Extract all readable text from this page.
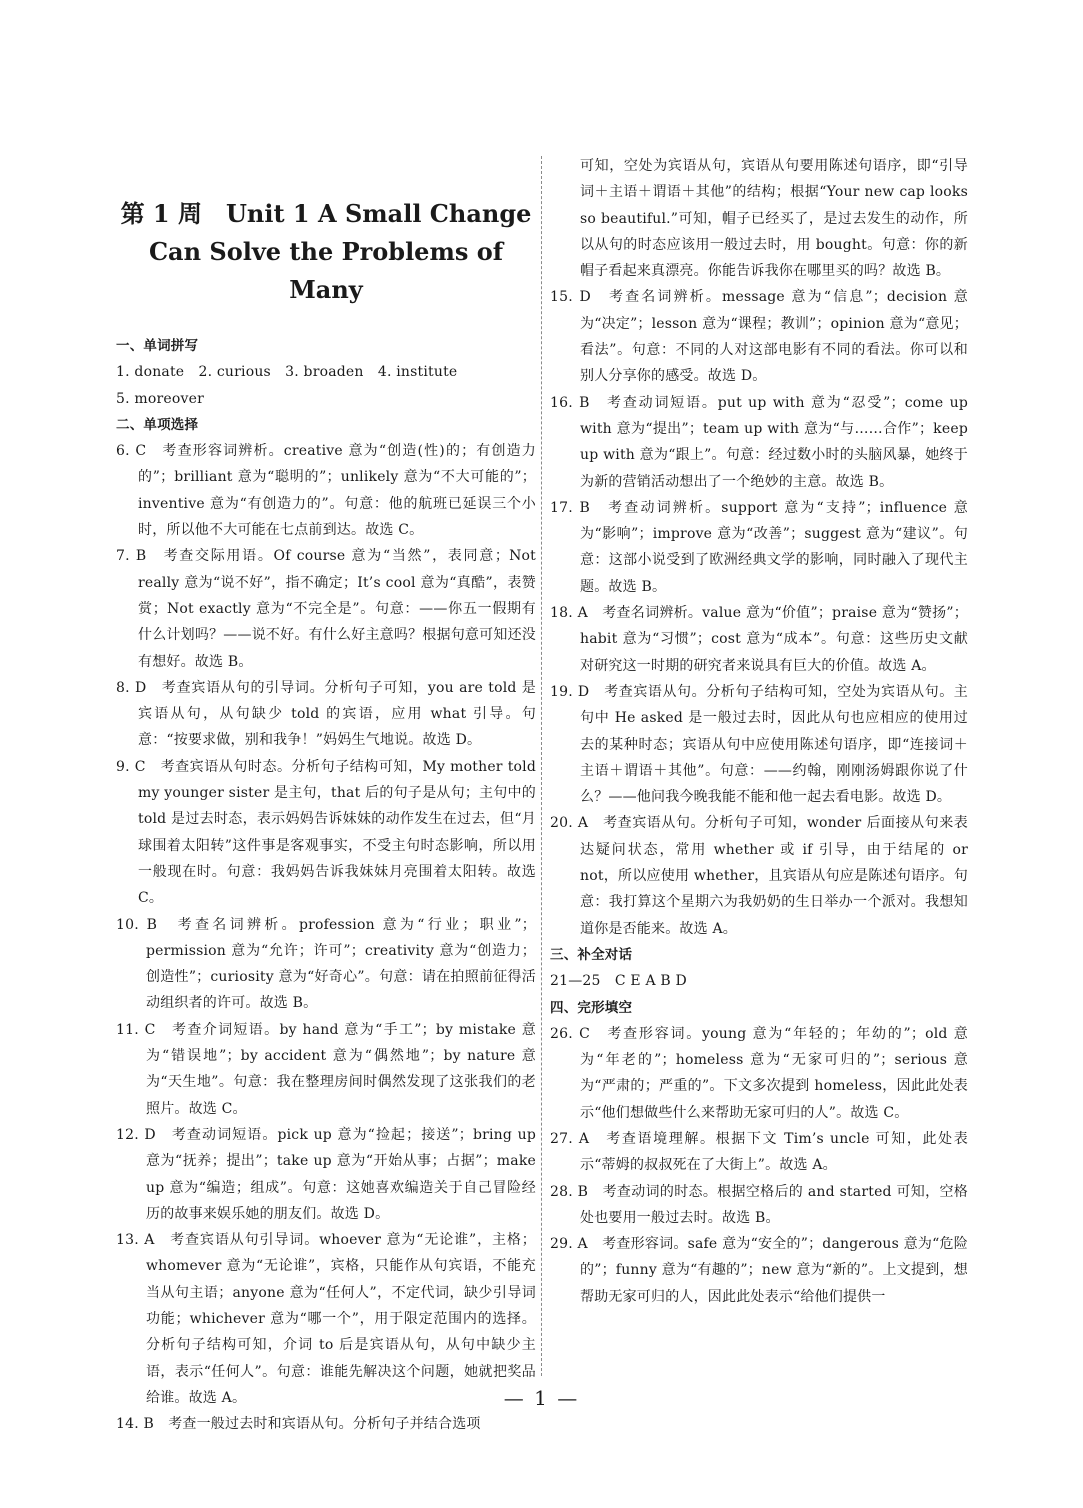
第 1 周　Unit 1 A Small Change
Can Solve the Problems of Many

一、单词拼写

1. donate　2. curious　3. broaden　4. institute

5. moreover

二、单项选择

6. C　考查形容词辨析。creative 意为“创造(性)的；有创造力的”；brilliant 意为“聪明的”；unlikely 意为“不大可能的”；inventive 意为“有创造力的”。句意：他的航班已延误三个小时，所以他不大可能在七点前到达。故选 C。

7. B　考查交际用语。Of course 意为“当然”，表同意；Not really 意为“说不好”，指不确定；It’s cool 意为“真酷”，表赞赏；Not exactly 意为“不完全是”。句意：——你五一假期有什么计划吗？——说不好。有什么好主意吗？根据句意可知还没有想好。故选 B。

8. D　考查宾语从句的引导词。分析句子可知，you are told 是宾语从句，从句缺少 told 的宾语，应用 what 引导。句意：“按要求做，别和我争！”妈妈生气地说。故选 D。

9. C　考查宾语从句时态。分析句子结构可知，My mother told my younger sister 是主句，that 后的句子是从句；主句中的 told 是过去时态，表示妈妈告诉妹妹的动作发生在过去，但“月球围着太阳转”这件事是客观事实，不受主句时态影响，所以用一般现在时。句意：我妈妈告诉我妹妹月亮围着太阳转。故选 C。

10. B　考查名词辨析。profession 意为“行业；职业”；permission 意为“允许；许可”；creativity 意为“创造力；创造性”；curiosity 意为“好奇心”。句意：请在拍照前征得活动组织者的许可。故选 B。

11. C　考查介词短语。by hand 意为“手工”；by mistake 意为“错误地”；by accident 意为“偶然地”；by nature 意为“天生地”。句意：我在整理房间时偶然发现了这张我们的老照片。故选 C。

12. D　考查动词短语。pick up 意为“捡起；接送”；bring up 意为“抚养；提出”；take up 意为“开始从事；占据”；make up 意为“编造；组成”。句意：这她喜欢编造关于自己冒险经历的故事来娱乐她的朋友们。故选 D。

13. A　考查宾语从句引导词。whoever 意为“无论谁”，主格；whomever 意为“无论谁”，宾格，只能作从句宾语，不能充当从句主语；anyone 意为“任何人”，不定代词，缺少引导词功能；whichever 意为“哪一个”，用于限定范围内的选择。分析句子结构可知，介词 to 后是宾语从句，从句中缺少主语，表示“任何人”。句意：谁能先解决这个问题，她就把奖品给谁。故选 A。

14. B　考查一般过去时和宾语从句。分析句子并结合选项

可知，空处为宾语从句，宾语从句要用陈述句语序，即“引导词＋主语＋谓语＋其他”的结构；根据“Your new cap looks so beautiful.”可知，帽子已经买了，是过去发生的动作，所以从句的时态应该用一般过去时，用 bought。句意：你的新帽子看起来真漂亮。你能告诉我你在哪里买的吗？故选 B。

15. D　考查名词辨析。message 意为“信息”；decision 意为“决定”；lesson 意为“课程；教训”；opinion 意为“意见；看法”。句意：不同的人对这部电影有不同的看法。你可以和别人分享你的感受。故选 D。

16. B　考查动词短语。put up with 意为“忍受”；come up with 意为“提出”；team up with 意为“与……合作”；keep up with 意为“跟上”。句意：经过数小时的头脑风暴，她终于为新的营销活动想出了一个绝妙的主意。故选 B。

17. B　考查动词辨析。support 意为“支持”；influence 意为“影响”；improve 意为“改善”；suggest 意为“建议”。句意：这部小说受到了欧洲经典文学的影响，同时融入了现代主题。故选 B。

18. A　考查名词辨析。value 意为“价值”；praise 意为“赞扬”；habit 意为“习惯”；cost 意为“成本”。句意：这些历史文献对研究这一时期的研究者来说具有巨大的价值。故选 A。

19. D　考查宾语从句。分析句子结构可知，空处为宾语从句。主句中 He asked 是一般过去时，因此从句也应相应的使用过去的某种时态；宾语从句中应使用陈述句语序，即“连接词＋主语＋谓语＋其他”。句意：——约翰，刚刚汤姆跟你说了什么？——他问我今晚我能不能和他一起去看电影。故选 D。

20. A　考查宾语从句。分析句子可知，wonder 后面接从句来表达疑问状态，常用 whether 或 if 引导，由于结尾的 or not，所以应使用 whether，且宾语从句应是陈述句语序。句意：我打算这个星期六为我奶奶的生日举办一个派对。我想知道你是否能来。故选 A。

三、补全对话

21—25　C E A B D

四、完形填空

26. C　考查形容词。young 意为“年轻的；年幼的”；old 意为“年老的”；homeless 意为“无家可归的”；serious 意为“严肃的；严重的”。下文多次提到 homeless，因此此处表示“他们想做些什么来帮助无家可归的人”。故选 C。

27. A　考查语境理解。根据下文 Tim’s uncle 可知，此处表示“蒂姆的叔叔死在了大街上”。故选 A。

28. B　考查动词的时态。根据空格后的 and started 可知，空格处也要用一般过去时。故选 B。

29. A　考查形容词。safe 意为“安全的”；dangerous 意为“危险的”；funny 意为“有趣的”；new 意为“新的”。上文提到，想帮助无家可归的人，因此此处表示“给他们提供一

— 1 —
